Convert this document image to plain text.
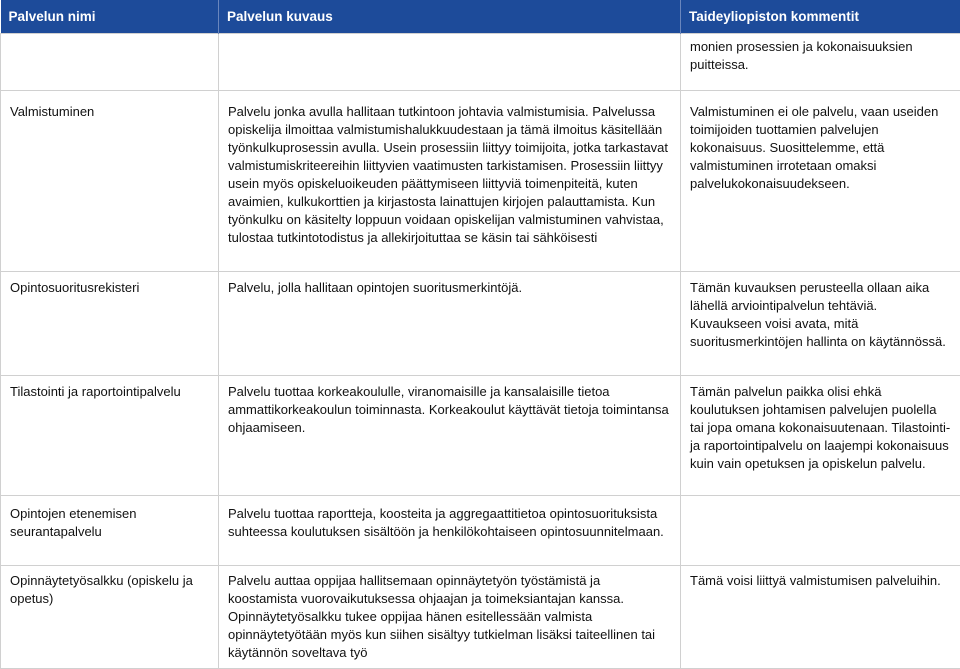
Palvelun nimi	Palvelun kuvaus	Taideyliopiston kommentit
		monien prosessien ja kokonaisuuksien puitteissa.
Valmistuminen	Palvelu jonka avulla hallitaan tutkintoon johtavia valmistumisia. Palvelussa opiskelija ilmoittaa valmistumishalukkuudestaan ja tämä ilmoitus käsitellään työnkulkuprosessin avulla. Usein prosessiin liittyy toimijoita, jotka tarkastavat valmistumiskriteereihin liittyvien vaatimusten tarkistamisen. Prosessiin liittyy usein myös opiskeluoikeuden päättymiseen liittyviä toimenpiteitä, kuten avaimien, kulkukorttien ja kirjastosta lainattujen kirjojen palauttamista. Kun työnkulku on käsitelty loppuun voidaan opiskelijan valmistuminen vahvistaa, tulostaa tutkintotodistus ja allekirjoituttaa se käsin tai sähköisesti	Valmistuminen ei ole palvelu, vaan useiden toimijoiden tuottamien palvelujen kokonaisuus. Suosittelemme, että valmistuminen irrotetaan omaksi palvelukokonaisuudekseen.
Opintosuoritusrekisteri	Palvelu, jolla hallitaan opintojen suoritusmerkintöjä.	Tämän kuvauksen perusteella ollaan aika lähellä arviointipalvelun tehtäviä. Kuvaukseen voisi avata, mitä suoritusmerkintöjen hallinta on käytännössä.
Tilastointi ja raportointipalvelu	Palvelu tuottaa korkeakoululle, viranomaisille ja kansalaisille tietoa ammattikorkeakoulun toiminnasta. Korkeakoulut käyttävät tietoja toimintansa ohjaamiseen.	Tämän palvelun paikka olisi ehkä koulutuksen johtamisen palvelujen puolella tai jopa omana kokonaisuutenaan. Tilastointi- ja raportointipalvelu on laajempi kokonaisuus kuin vain opetuksen ja opiskelun palvelu.
Opintojen etenemisen seurantapalvelu	Palvelu tuottaa raportteja, koosteita ja aggregaattitietoa opintosuorituksista suhteessa koulutuksen sisältöön ja henkilökohtaiseen opintosuunnitelmaan.	
Opinnäytetyösalkku (opiskelu ja opetus)	Palvelu auttaa oppijaa hallitsemaan opinnäytetyön työstämistä ja koostamista vuorovaikutuksessa ohjaajan ja toimeksiantajan kanssa. Opinnäytetyösalkku tukee oppijaa hänen esitellessään valmista opinnäytetyötään myös kun siihen sisältyy tutkielman lisäksi taiteellinen tai käytännön soveltava työ	Tämä voisi liittyä valmistumisen palveluihin.
